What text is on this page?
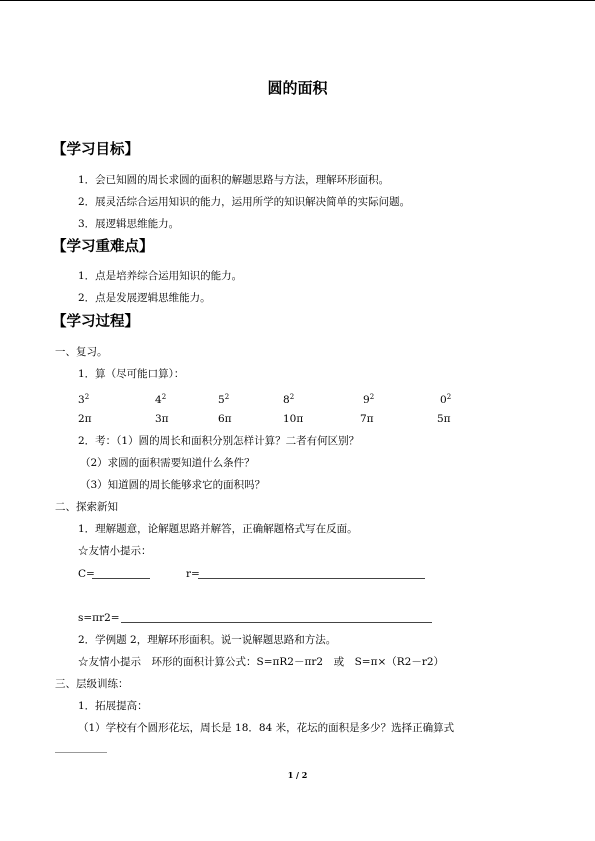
圆的面积
【学习目标】
1．会已知圆的周长求圆的面积的解题思路与方法，理解环形面积。
2．展灵活综合运用知识的能力，运用所学的知识解决简单的实际问题。
3．展逻辑思维能力。
【学习重难点】
1．点是培养综合运用知识的能力。
2．点是发展逻辑思维能力。
【学习过程】
一、复习。
1．算（尽可能口算）：
$3^2$	$4^2$	$5^2$	$8^2$	$9^2$	$0^2$
2π	3π	6π	10π	7π	5π
2．考：（1）圆的周长和面积分别怎样计算？二者有何区别？
（2）求圆的面积需要知道什么条件？
（3）知道圆的周长能够求它的面积吗？
二、探索新知
1．理解题意，论解题思路并解答，正确解题格式写在反面。
☆友情小提示：
C=	r=
s=πr2=
2．学例题 2，理解环形面积。说一说解题思路和方法。
☆友情小提示　环形的面积计算公式：S=πR2－πr2　或　S=π×（R2－r2）
三、层级训练：
1．拓展提高：
（1）学校有个圆形花坛，周长是 18．84 米，花坛的面积是多少？选择正确算式
1 / 2
